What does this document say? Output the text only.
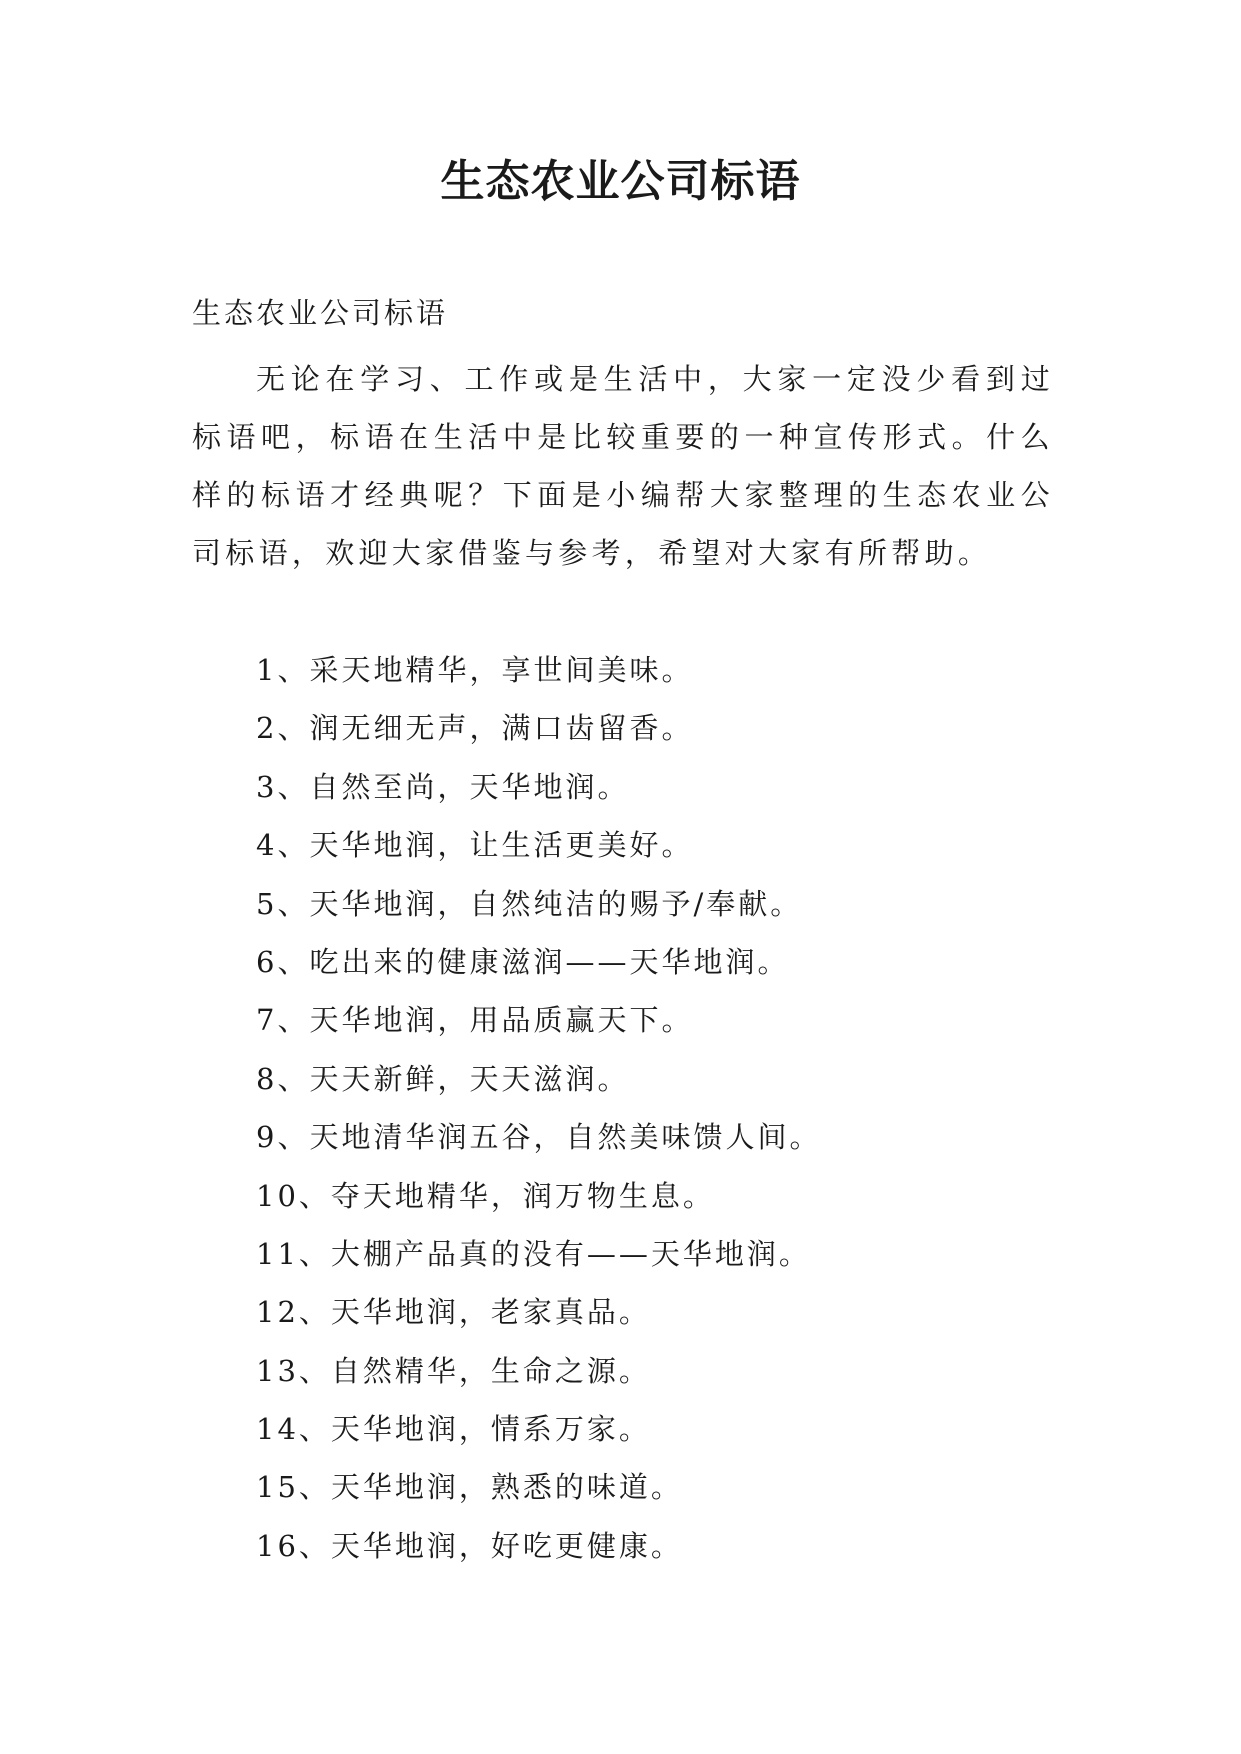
生态农业公司标语

生态农业公司标语

无论在学习、工作或是生活中，大家一定没少看到过标语吧，标语在生活中是比较重要的一种宣传形式。什么样的标语才经典呢？下面是小编帮大家整理的生态农业公司标语，欢迎大家借鉴与参考，希望对大家有所帮助。

1、采天地精华，享世间美味。
2、润无细无声，满口齿留香。
3、自然至尚，天华地润。
4、天华地润，让生活更美好。
5、天华地润，自然纯洁的赐予/奉献。
6、吃出来的健康滋润——天华地润。
7、天华地润，用品质赢天下。
8、天天新鲜，天天滋润。
9、天地清华润五谷，自然美味馈人间。
10、夺天地精华，润万物生息。
11、大棚产品真的没有——天华地润。
12、天华地润，老家真品。
13、自然精华，生命之源。
14、天华地润，情系万家。
15、天华地润，熟悉的味道。
16、天华地润，好吃更健康。
